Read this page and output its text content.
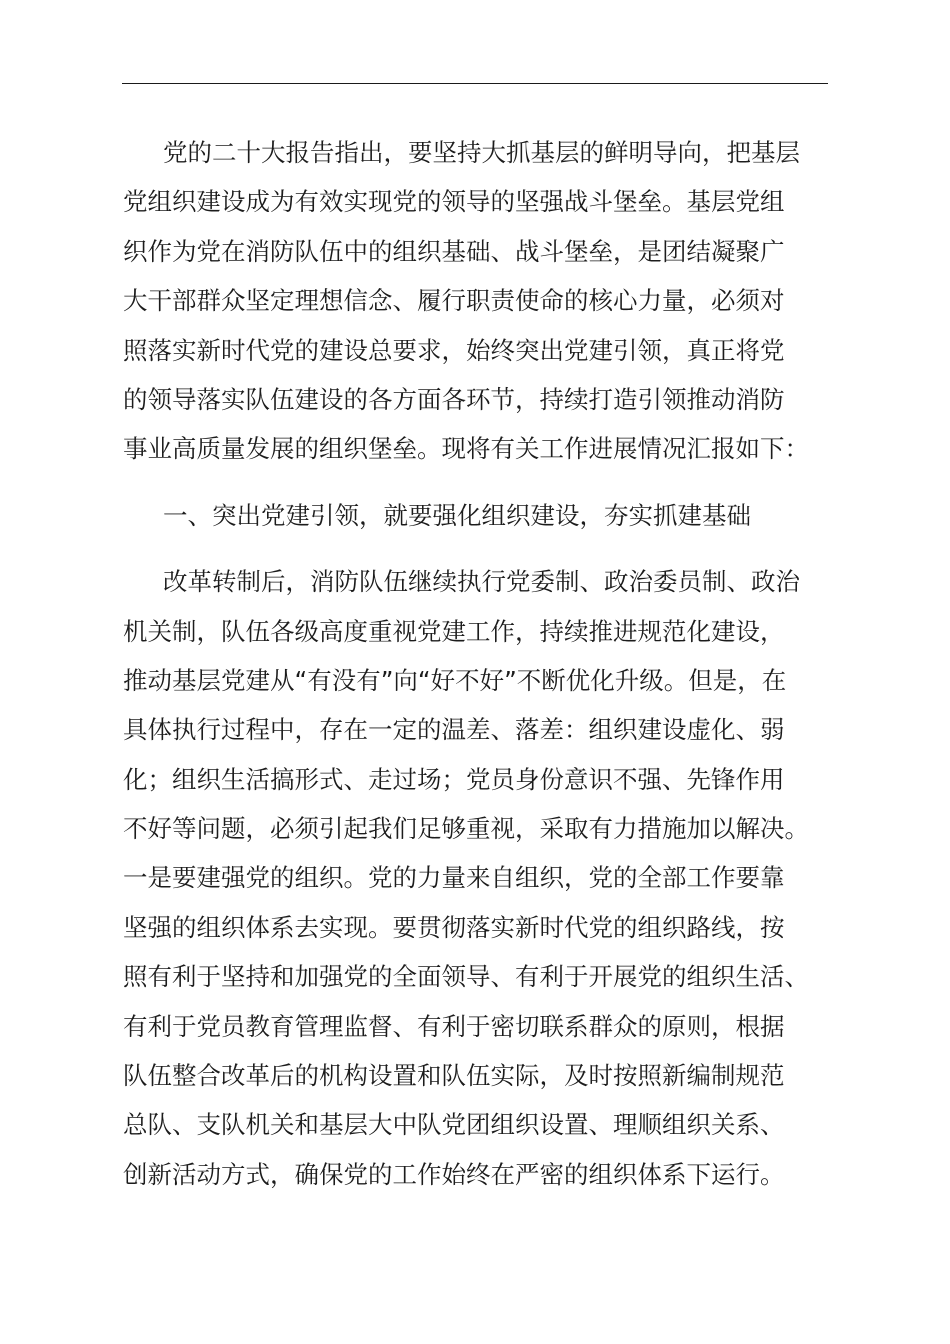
党的二十大报告指出，要坚持大抓基层的鲜明导向，把基层
党组织建设成为有效实现党的领导的坚强战斗堡垒。基层党组
织作为党在消防队伍中的组织基础、战斗堡垒，是团结凝聚广
大干部群众坚定理想信念、履行职责使命的核心力量，必须对
照落实新时代党的建设总要求，始终突出党建引领，真正将党
的领导落实队伍建设的各方面各环节，持续打造引领推动消防
事业高质量发展的组织堡垒。现将有关工作进展情况汇报如下：
一、突出党建引领，就要强化组织建设，夯实抓建基础
改革转制后，消防队伍继续执行党委制、政治委员制、政治
机关制，队伍各级高度重视党建工作，持续推进规范化建设，
推动基层党建从“有没有”向“好不好”不断优化升级。但是，在
具体执行过程中，存在一定的温差、落差：组织建设虚化、弱
化；组织生活搞形式、走过场；党员身份意识不强、先锋作用
不好等问题，必须引起我们足够重视，采取有力措施加以解决。
一是要建强党的组织。党的力量来自组织，党的全部工作要靠
坚强的组织体系去实现。要贯彻落实新时代党的组织路线，按
照有利于坚持和加强党的全面领导、有利于开展党的组织生活、
有利于党员教育管理监督、有利于密切联系群众的原则，根据
队伍整合改革后的机构设置和队伍实际，及时按照新编制规范
总队、支队机关和基层大中队党团组织设置、理顺组织关系、
创新活动方式，确保党的工作始终在严密的组织体系下运行。
